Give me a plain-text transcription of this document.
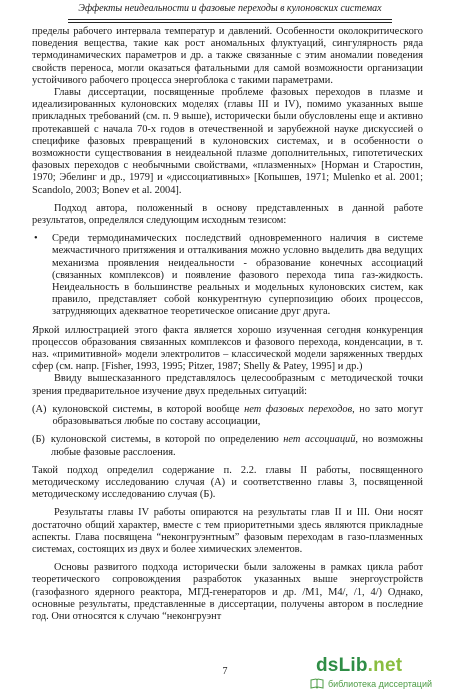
Эффекты неидеальности и фазовые переходы в кулоновских системах

пределы рабочего интервала температур и давлений. Особенности околокритического поведения вещества, такие как рост аномальных флуктуаций, сингулярность ряда термодинамических параметров и др. а также связанные с этим аномалии поведения свойств переноса, могли оказаться фатальными для самой возможности организации устойчивого рабочего процесса энергоблока с такими параметрами.

Главы диссертации, посвященные проблеме фазовых переходов в плазме и идеализированных кулоновских моделях (главы III и IV), помимо указанных выше прикладных требований (см. п. 9 выше), исторически были обусловлены еще и активно протекавшей с начала 70-х годов в отечественной и зарубежной науке дискуссией о специфике фазовых превращений в кулоновских системах, и в особенности о возможности существования в неидеальной плазме дополнительных, гипотетических фазовых переходов с необычными свойствами, «плазменных» [Норман и Старостин, 1970; Эбелинг и др., 1979] и «диссоциативных» [Копышев, 1971; Mulenko et al. 2001; Scandolo, 2003; Bonev et al. 2004].

Подход автора, положенный в основу представленных в данной работе результатов, определялся следующим исходным тезисом:

•	Среди термодинамических последствий одновременного наличия в системе межчастичного притяжения и отталкивания можно условно выделить два ведущих механизма проявления неидеальности - образование конечных ассоциаций (связанных комплексов) и появление фазового перехода типа газ-жидкость. Неидеальность в большинстве реальных и модельных кулоновских систем, как правило, представляет собой конкурентную суперпозицию обоих процессов, затрудняющих адекватное теоретическое описание друг друга.

Яркой иллюстрацией этого факта является хорошо изученная сегодня конкуренция процессов образования связанных комплексов и фазового перехода, конденсации, в т. наз. «примитивной» модели электролитов – классической модели заряженных твердых сфер (см. напр. [Fisher, 1993, 1995; Pitzer, 1987; Shelly & Patey, 1995] и др.)

Ввиду вышесказанного представлялось целесообразным с методической точки зрения предварительное изучение двух предельных ситуаций:

(А) кулоновской системы, в которой вообще нет фазовых переходов, но зато могут образовываться любые по составу ассоциации,
(Б) кулоновской системы, в которой по определению нет ассоциаций, но возможны любые фазовые расслоения.

Такой подход определил содержание п. 2.2. главы II работы, посвященного методическому исследованию случая (А) и соответственно главы 3, посвященной методическому исследованию случая (Б).

Результаты главы IV работы опираются на результаты глав II и III. Они носят достаточно общий характер, вместе с тем приоритетными здесь являются прикладные аспекты. Глава посвящена “неконгруэнтным” фазовым переходам в газо-плазменных системах, состоящих из двух и более химических элементов.

Основы развитого подхода исторически были заложены в рамках цикла работ теоретического сопровождения разработок указанных выше энергоустройств (газофазного ядерного реактора, МГД-генераторов и др. /M1, M4/, /1, 4/) Однако, основные результаты, представленные в диссертации, получены автором в последние год. Они относятся к случаю “неконгруэнт

7	dsLib.net
библиотека диссертаций
